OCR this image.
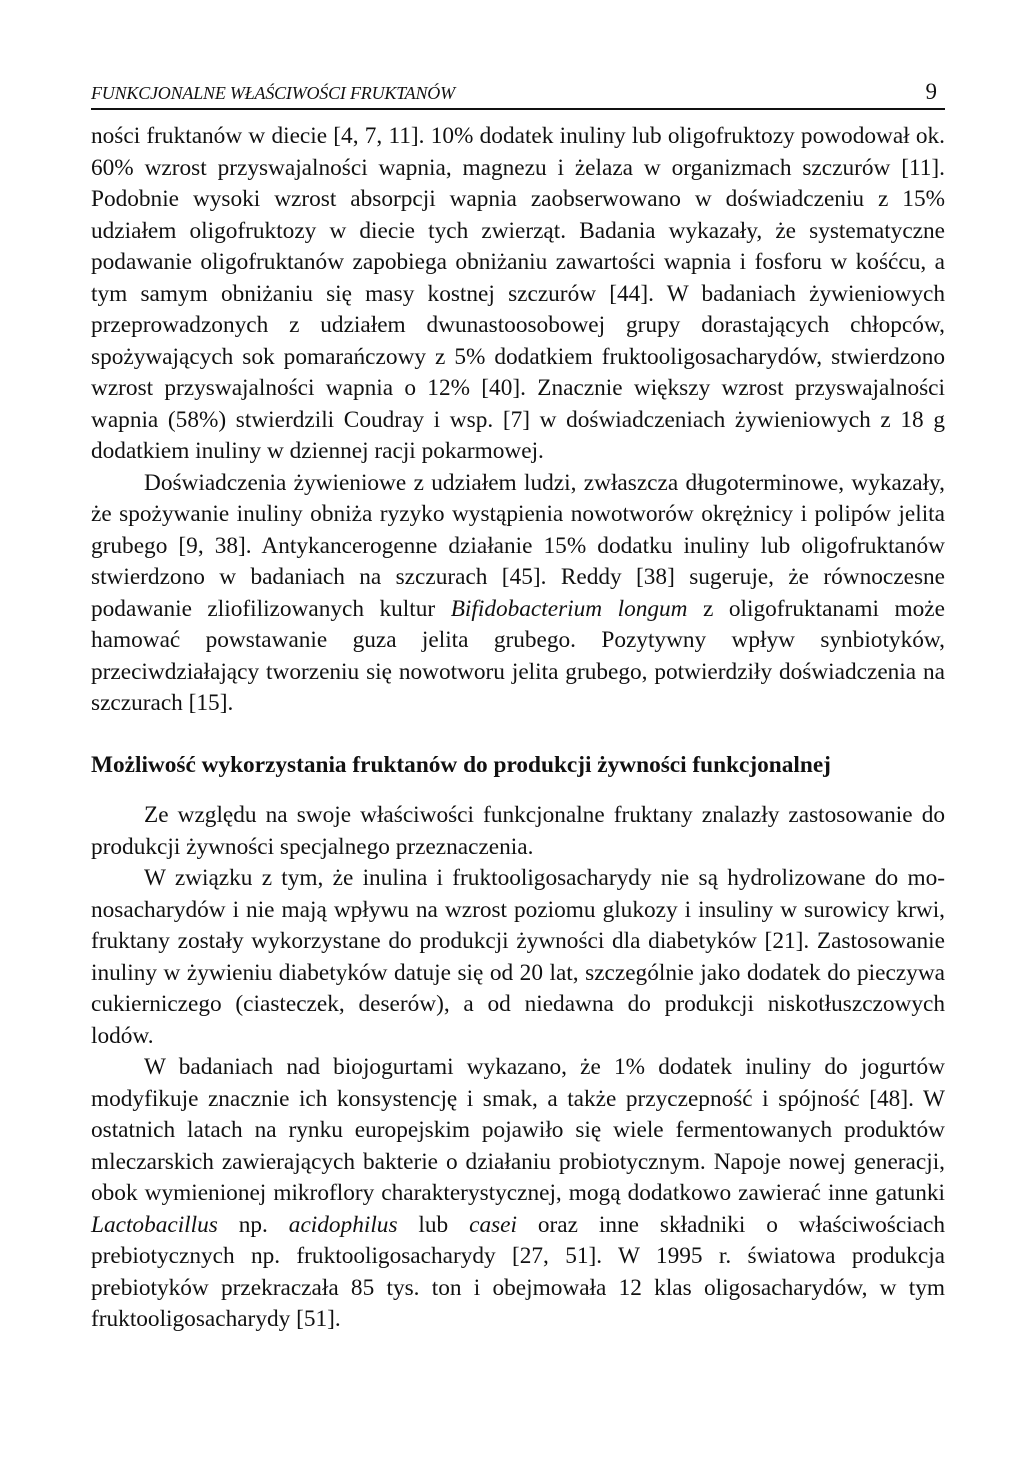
FUNKCJONALNE WŁAŚCIWOŚCI FRUKTANÓW	9

ności fruktanów w diecie [4, 7, 11]. 10% dodatek inuliny lub oligofruktozy powodował ok. 60% wzrost przyswajalności wapnia, magnezu i żelaza w organizmach szczurów [11]. Podobnie wysoki wzrost absorpcji wapnia zaobserwowano w doświadczeniu z 15% udziałem oligofruktozy w diecie tych zwierząt. Badania wykazały, że systematyczne podawanie oligofruktanów zapobiega obniżaniu zawartości wapnia i fosforu w kośćcu, a tym samym obniżaniu się masy kostnej szczurów [44]. W badaniach żywieniowych przeprowadzonych z udziałem dwunastoosobowej grupy dorastających chłopców, spożywających sok pomarańczowy z 5% dodatkiem fruktooligosacharydów, stwierdzono wzrost przyswajalności wapnia o 12% [40]. Znacznie większy wzrost przyswajalności wapnia (58%) stwierdzili Coudray i wsp. [7] w doświadczeniach żywieniowych z 18 g dodatkiem inuliny w dziennej racji pokarmowej.

Doświadczenia żywieniowe z udziałem ludzi, zwłaszcza długoterminowe, wykazały, że spożywanie inuliny obniża ryzyko wystąpienia nowotworów okrężnicy i polipów jelita grubego [9, 38]. Antykancerogenne działanie 15% dodatku inuliny lub oligofruktanów stwierdzono w badaniach na szczurach [45]. Reddy [38] sugeruje, że równoczesne podawanie zliofilizowanych kultur Bifidobacterium longum z oligofruktanami może hamować powstawanie guza jelita grubego. Pozytywny wpływ synbiotyków, przeciwdziałający tworzeniu się nowotworu jelita grubego, potwierdziły doświadczenia na szczurach [15].

Możliwość wykorzystania fruktanów do produkcji żywności funkcjonalnej

Ze względu na swoje właściwości funkcjonalne fruktany znalazły zastosowanie do produkcji żywności specjalnego przeznaczenia.

W związku z tym, że inulina i fruktooligosacharydy nie są hydrolizowane do monosacharydów i nie mają wpływu na wzrost poziomu glukozy i insuliny w surowicy krwi, fruktany zostały wykorzystane do produkcji żywności dla diabetyków [21]. Zastosowanie inuliny w żywieniu diabetyków datuje się od 20 lat, szczególnie jako dodatek do pieczywa cukierniczego (ciasteczek, deserów), a od niedawna do produkcji niskotłuszczowych lodów.

W badaniach nad biojogurtami wykazano, że 1% dodatek inuliny do jogurtów modyfikuje znacznie ich konsystencję i smak, a także przyczepność i spójność [48]. W ostatnich latach na rynku europejskim pojawiło się wiele fermentowanych produktów mleczarskich zawierających bakterie o działaniu probiotycznym. Napoje nowej generacji, obok wymienionej mikroflory charakterystycznej, mogą dodatkowo zawierać inne gatunki Lactobacillus np. acidophilus lub casei oraz inne składniki o właściwościach prebiotycznych np. fruktooligosacharydy [27, 51]. W 1995 r. światowa produkcja prebiotyków przekraczała 85 tys. ton i obejmowała 12 klas oligosacharydów, w tym fruktooligosacharydy [51].
